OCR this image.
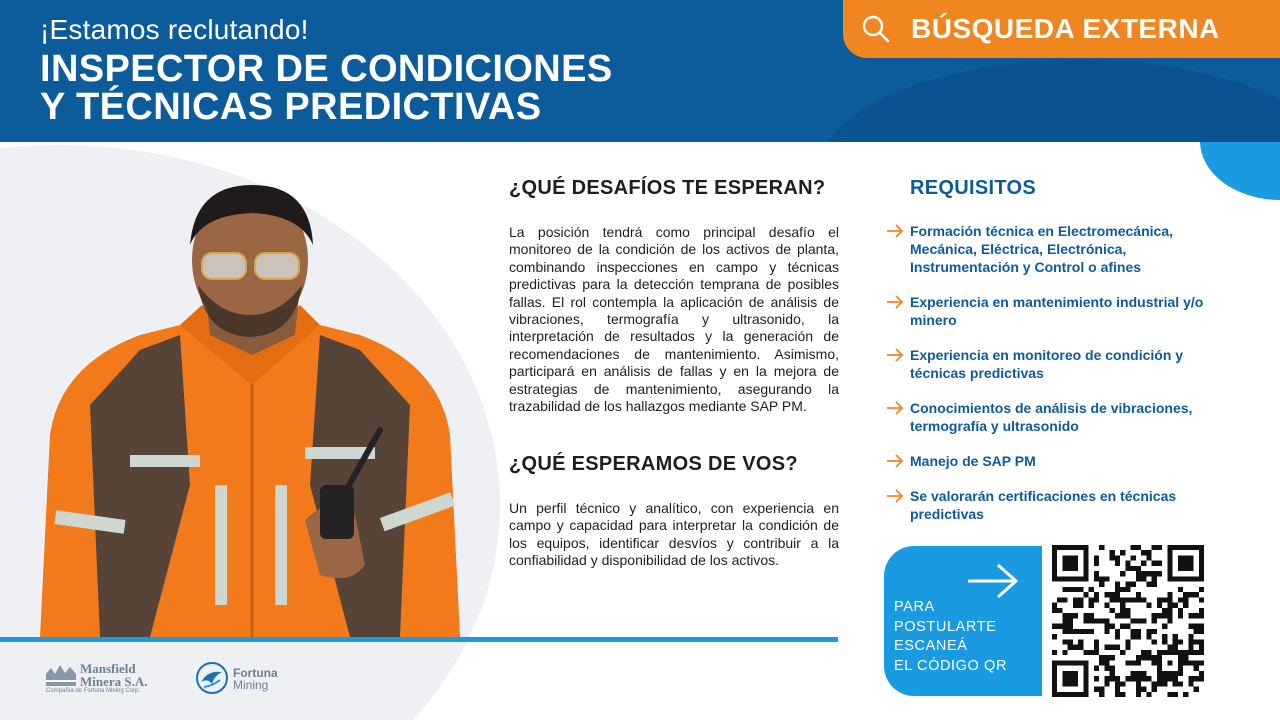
¡Estamos reclutando!
INSPECTOR DE CONDICIONES
Y TÉCNICAS PREDICTIVAS
BÚSQUEDA EXTERNA
¿QUÉ DESAFÍOS TE ESPERAN?
La posición tendrá como principal desafío el monitoreo de la condición de los activos de planta, combinando inspecciones en campo y técnicas predictivas para la detección temprana de posibles fallas. El rol contempla la aplicación de análisis de vibraciones, termografía y ultrasonido, la interpretación de resultados y la generación de recomendaciones de mantenimiento. Asimismo, participará en análisis de fallas y en la mejora de estrategias de mantenimiento, asegurando la trazabilidad de los hallazgos mediante SAP PM.
¿QUÉ ESPERAMOS DE VOS?
Un perfil técnico y analítico, con experiencia en campo y capacidad para interpretar la condición de los equipos, identificar desvíos y contribuir a la confiabilidad y disponibilidad de los activos.
REQUISITOS
Formación técnica en Electromecánica, Mecánica, Eléctrica, Electrónica, Instrumentación y Control o afines
Experiencia en mantenimiento industrial y/o minero
Experiencia en monitoreo de condición y técnicas predictivas
Conocimientos de análisis de vibraciones, termografía y ultrasonido
Manejo de SAP PM
Se valorarán certificaciones en técnicas predictivas
PARA
POSTULARTE
ESCANEÁ
EL CÓDIGO QR
Mansfield
Minera S.A.
Compañía de Fortuna Mining Corp.
Fortuna
Mining
